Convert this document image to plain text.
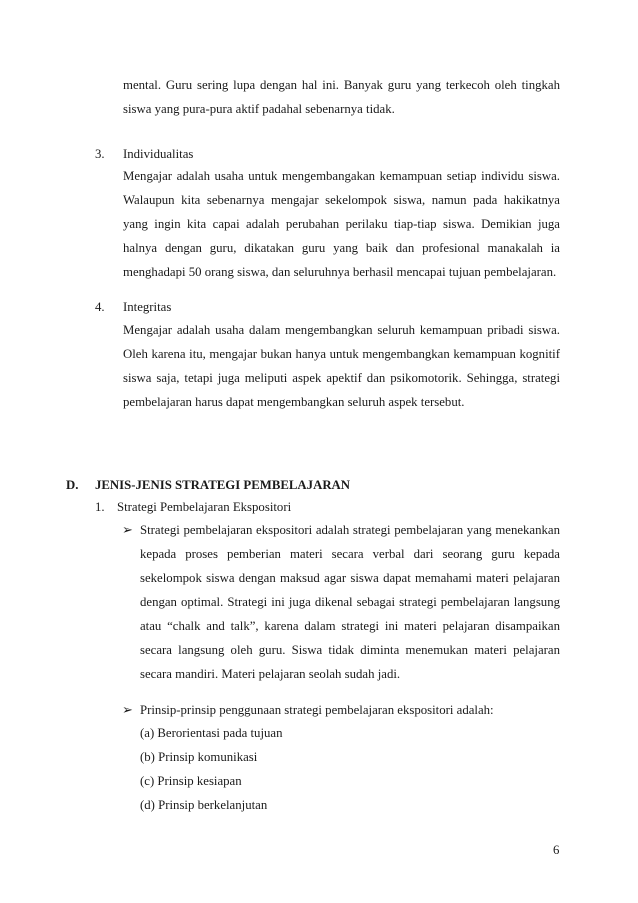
mental. Guru sering lupa dengan hal ini. Banyak guru yang terkecoh oleh tingkah
siswa yang pura-pura aktif padahal sebenarnya tidak.
3. Individualitas
Mengajar adalah usaha untuk mengembangakan kemampuan setiap individu siswa.
Walaupun kita sebenarnya mengajar sekelompok siswa, namun pada hakikatnya
yang ingin kita capai adalah perubahan perilaku tiap-tiap siswa. Demikian juga
halnya dengan guru, dikatakan guru yang baik dan profesional manakalah ia
menghadapi 50 orang siswa, dan seluruhnya berhasil mencapai tujuan pembelajaran.
4. Integritas
Mengajar adalah usaha dalam mengembangkan seluruh kemampuan pribadi siswa.
Oleh karena itu, mengajar bukan hanya untuk mengembangkan kemampuan kognitif
siswa saja, tetapi juga meliputi aspek apektif dan psikomotorik. Sehingga, strategi
pembelajaran harus dapat mengembangkan seluruh aspek tersebut.
D. JENIS-JENIS STRATEGI PEMBELAJARAN
1. Strategi Pembelajaran Ekspositori
➢ Strategi pembelajaran ekspositori adalah strategi pembelajaran yang menekankan
kepada proses pemberian materi secara verbal dari seorang guru kepada
sekelompok siswa dengan maksud agar siswa dapat memahami materi pelajaran
dengan optimal. Strategi ini juga dikenal sebagai strategi pembelajaran langsung
atau “chalk and talk”, karena dalam strategi ini materi pelajaran disampaikan
secara langsung oleh guru. Siswa tidak diminta menemukan materi pelajaran
secara mandiri. Materi pelajaran seolah sudah jadi.
➢ Prinsip-prinsip penggunaan strategi pembelajaran ekspositori adalah:
(a) Berorientasi pada tujuan
(b) Prinsip komunikasi
(c) Prinsip kesiapan
(d) Prinsip berkelanjutan
6
